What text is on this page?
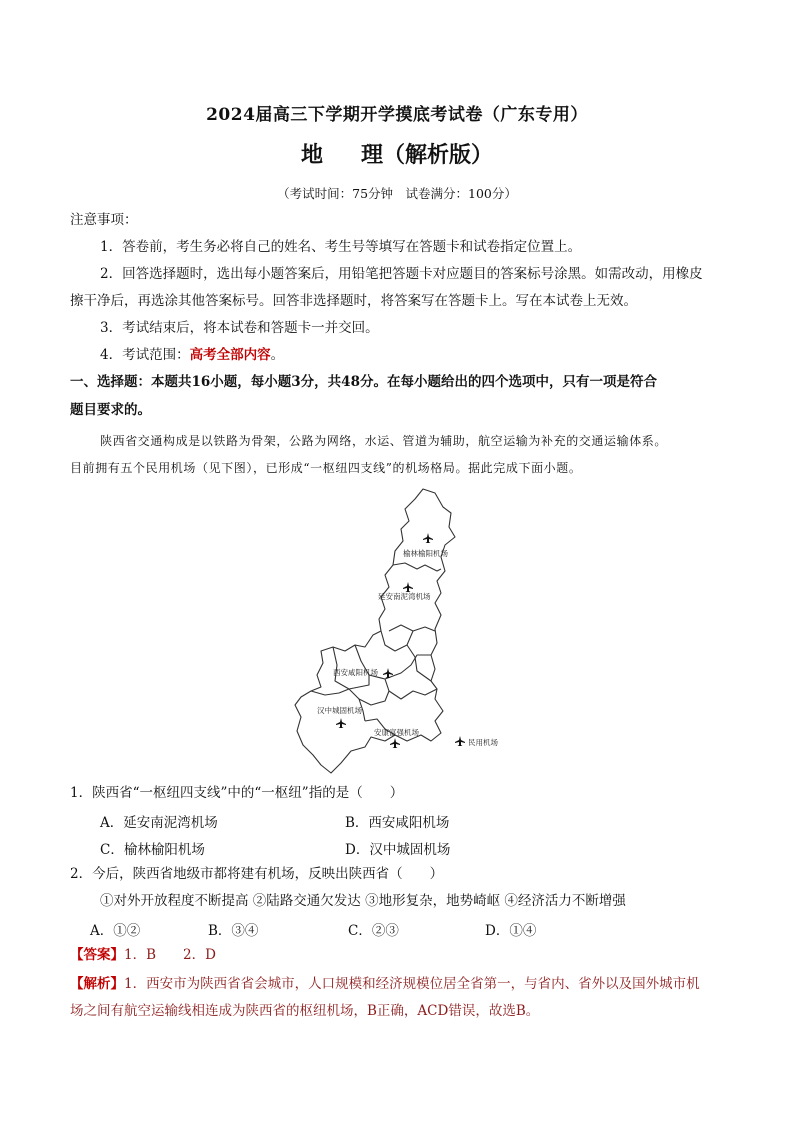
2024届高三下学期开学摸底考试卷（广东专用）
地 理（解析版）
（考试时间：75分钟　试卷满分：100分）
注意事项：
1．答卷前，考生务必将自己的姓名、考生号等填写在答题卡和试卷指定位置上。
2．回答选择题时，选出每小题答案后，用铅笔把答题卡对应题目的答案标号涂黑。如需改动，用橡皮
擦干净后，再选涂其他答案标号。回答非选择题时，将答案写在答题卡上。写在本试卷上无效。
3．考试结束后，将本试卷和答题卡一并交回。
4．考试范围：高考全部内容。
一、选择题：本题共16小题，每小题3分，共48分。在每小题给出的四个选项中，只有一项是符合
题目要求的。
陕西省交通构成是以铁路为骨架，公路为网络，水运、管道为辅助，航空运输为补充的交通运输体系。
目前拥有五个民用机场（见下图），已形成“一枢纽四支线”的机场格局。据此完成下面小题。
榆林榆阳机场
延安南泥湾机场
西安咸阳机场
汉中城固机场
安康富强机场
民用机场
1．陕西省“一枢纽四支线”中的“一枢纽”指的是（　　）
A．延安南泥湾机场	B．西安咸阳机场
C．榆林榆阳机场	D．汉中城固机场
2．今后，陕西省地级市都将建有机场，反映出陕西省（　　）
①对外开放程度不断提高 ②陆路交通欠发达 ③地形复杂，地势崎岖 ④经济活力不断增强
A．①②	B．③④	C．②③	D．①④
【答案】1．B　　2．D
【解析】1．西安市为陕西省省会城市，人口规模和经济规模位居全省第一，与省内、省外以及国外城市机
场之间有航空运输线相连成为陕西省的枢纽机场，B正确，ACD错误，故选B。
